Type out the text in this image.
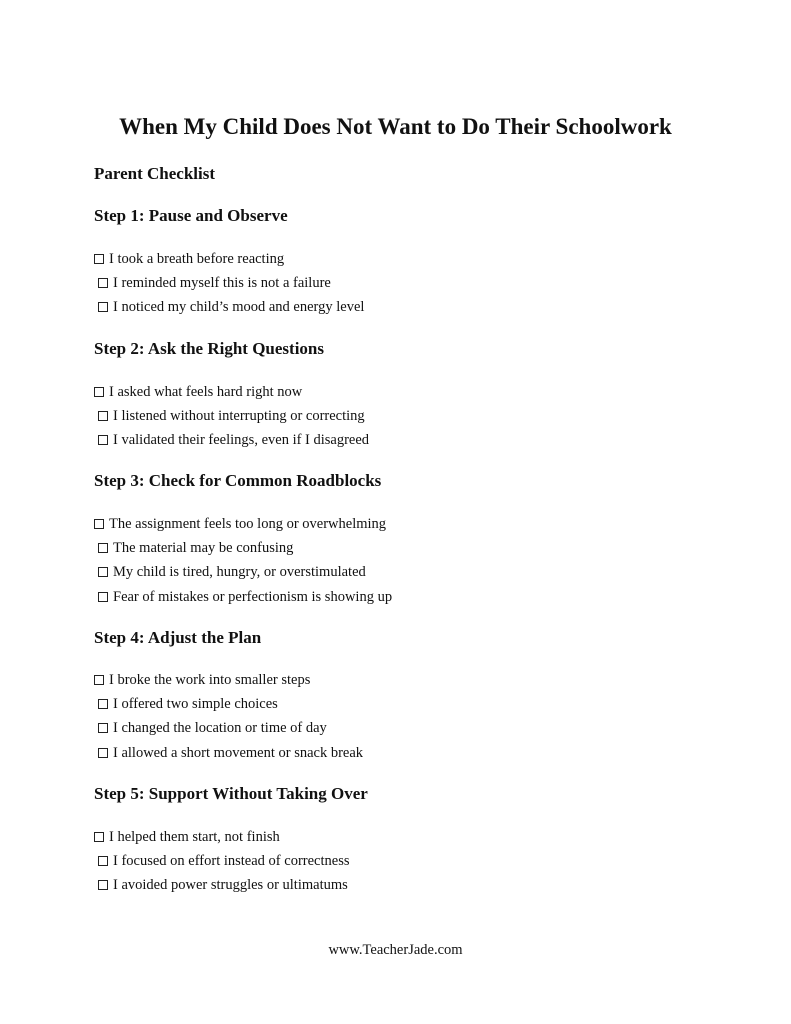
When My Child Does Not Want to Do Their Schoolwork
Parent Checklist
Step 1: Pause and Observe
I took a breath before reacting
I reminded myself this is not a failure
I noticed my child’s mood and energy level
Step 2: Ask the Right Questions
I asked what feels hard right now
I listened without interrupting or correcting
I validated their feelings, even if I disagreed
Step 3: Check for Common Roadblocks
The assignment feels too long or overwhelming
The material may be confusing
My child is tired, hungry, or overstimulated
Fear of mistakes or perfectionism is showing up
Step 4: Adjust the Plan
I broke the work into smaller steps
I offered two simple choices
I changed the location or time of day
I allowed a short movement or snack break
Step 5: Support Without Taking Over
I helped them start, not finish
I focused on effort instead of correctness
I avoided power struggles or ultimatums
www.TeacherJade.com
